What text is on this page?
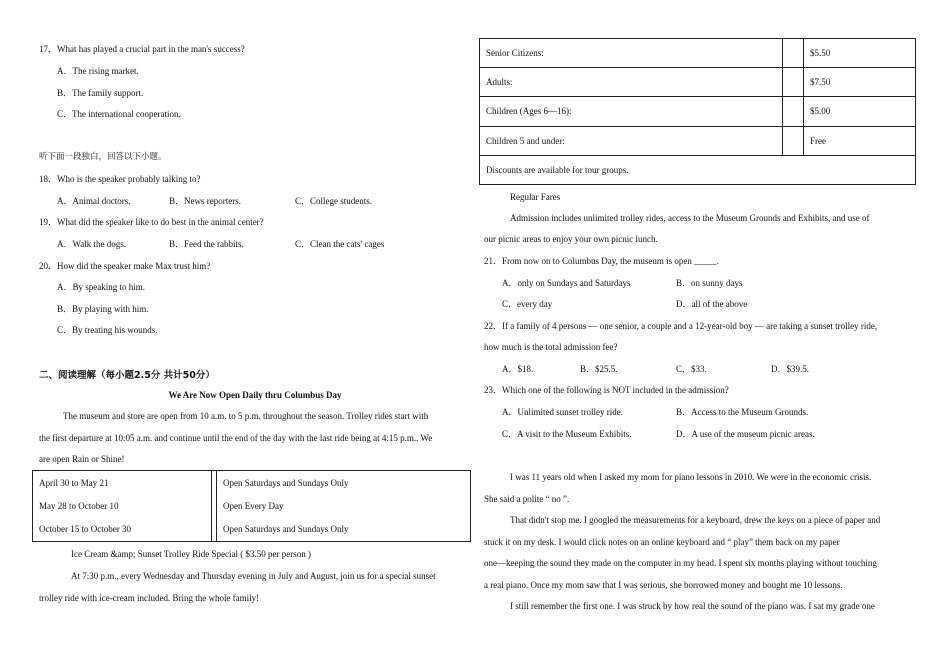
17．What has played a crucial part in the man's success?
A．The rising market.
B．The family support.
C．The international cooperation.
听下面一段独白，回答以下小题。
18．Who is the speaker probably talking to?
A．Animal doctors.	B．News reporters.	C．College students.
19．What did the speaker like to do best in the animal center?
A．Walk the dogs.	B．Feed the rabbits.	C．Clean the cats' cages
20．How did the speaker make Max trust him?
A．By speaking to him.
B．By playing with him.
C．By treating his wounds.
二、阅读理解（每小题2.5分 共计50分）
We Are Now Open Daily thru Columbus Day
The museum and store are open from 10 a.m. to 5 p.m. throughout the season. Trolley rides start with
the first departure at 10:05 a.m. and continue until the end of the day with the last ride being at 4:15 p.m.. We
are open Rain or Shine!
April 30 to May 21		Open Saturdays and Sundays Only
May 28 to October 10		Open Every Day
October 15 to October 30		Open Saturdays and Sundays Only
Ice Cream &amp; Sunset Trolley Ride Special ( $3.50 per person )
At 7:30 p.m., every Wednesday and Thursday evening in July and August, join us for a special sunset
trolley ride with ice-cream included. Bring the whole family!
Senior Citizens:		$5.50
Adults:		$7.50
Children (Ages 6—16):		$5.00
Children 5 and under:		Free
Discounts are available for tour groups.		
Regular Fares
Admission includes unlimited trolley rides, access to the Museum Grounds and Exhibits, and use of
our picnic areas to enjoy your own picnic lunch.
21．From now on to Columbus Day, the museum is open _____.
A．only on Sundays and Saturdays	B．on sunny days
C．every day	D．all of the above
22．If a family of 4 persons — one senior, a couple and a 12-year-old boy — are taking a sunset trolley ride,
how much is the total admission fee?
A．$18.	B．$25.5.	C．$33.	D．$39.5.
23．Which one of the following is NOT included in the admission?
A．Unlimited sunset trolley ride.	B．Access to the Museum Grounds.
C．A visit to the Museum Exhibits.	D．A use of the museum picnic areas.
I was 11 years old when I asked my mom for piano lessons in 2010. We were in the economic crisis.
She said a polite “ no ”.
That didn't stop me. I googled the measurements for a keyboard, drew the keys on a piece of paper and
stuck it on my desk. I would click notes on an online keyboard and “ play” them back on my paper
one—keeping the sound they made on the computer in my head. I spent six months playing without touching
a real piano. Once my mom saw that I was serious, she borrowed money and bought me 10 lessons.
I still remember the first one. I was struck by how real the sound of the piano was. I sat my grade one
